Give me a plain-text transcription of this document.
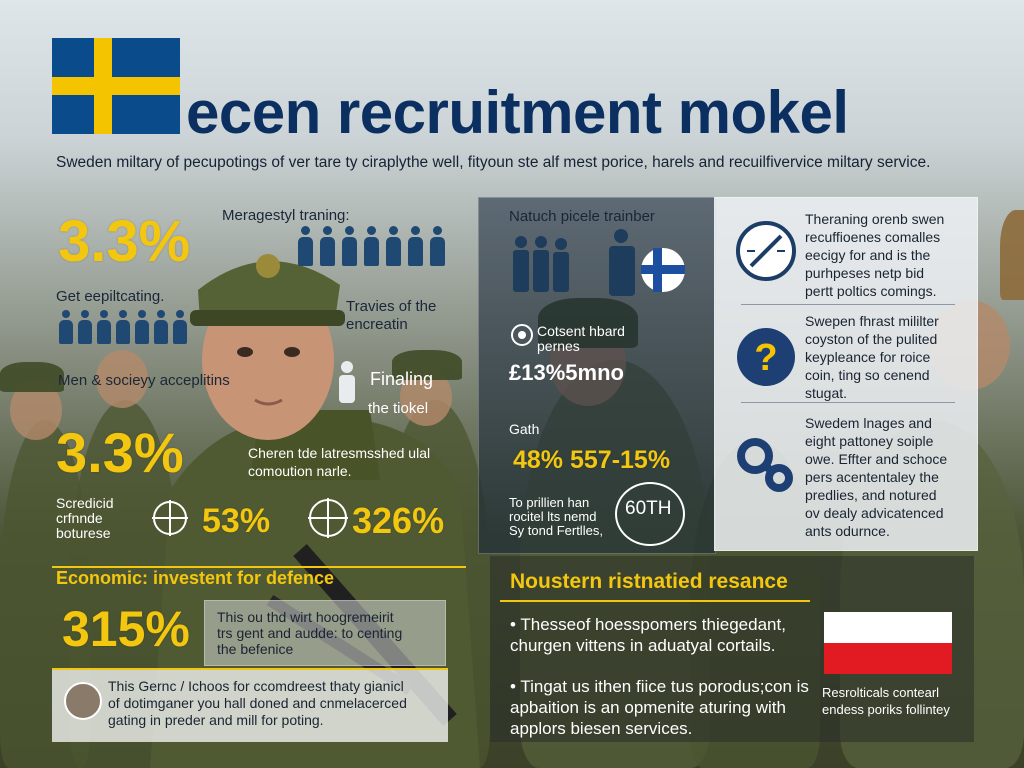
ecen recruitment mokel
Sweden miltary of pecupotings of ver tare ty ciraplythe well, fityoun ste alf mest porice, harels and recuilfivervice miltary service.
3.3% Meragestyl traning:
Get eepiltcating.
Travies of the
encreatin
Men & socieyy acceplitins	Finaling
the tiokel
3.3%	Cheren tde latresmsshed ulal
comoution narle.
Scredicid
crfnnde
boturese	53% 326%
Natuch picele trainber
Cotsent hbard
pernes
£13%5mno
Gath
48% 557-15%
To prillien han
rocitel lts nemd
Sy tond Fertlles,
60TH
Theraning orenb swen
recuffioenes comalles
eecigy for and is the
purhpeses netp bid
pertt poltics comings.
?
Swepen fhrast mililter
coyston of the pulited
keypleance for roice
coin, ting so cenend
stugat.
Swedem lnages and
eight pattoney soiple
owe. Effter and schoce
pers acententaley the
predlies, and notured
ov dealy advicatenced
ants odurnce.
Economic: investent for defence
315% This ou thd wirt hoogremeirit
trs gent and audde: to centing
the befenice
This Gernc / Ichoos for ccomdreest thaty gianicl
of dotimganer you hall doned and cnmelacerced
gating in preder and mill for poting.
Noustern ristnatied resance
• Thesseof hoesspomers thiegedant,
churgen vittens in aduatyal cortails.
• Tingat us ithen fiice tus porodus;con is
apbaition is an opmenite aturing with
applors biesen services.
Resrolticals contearl
endess poriks follintey
